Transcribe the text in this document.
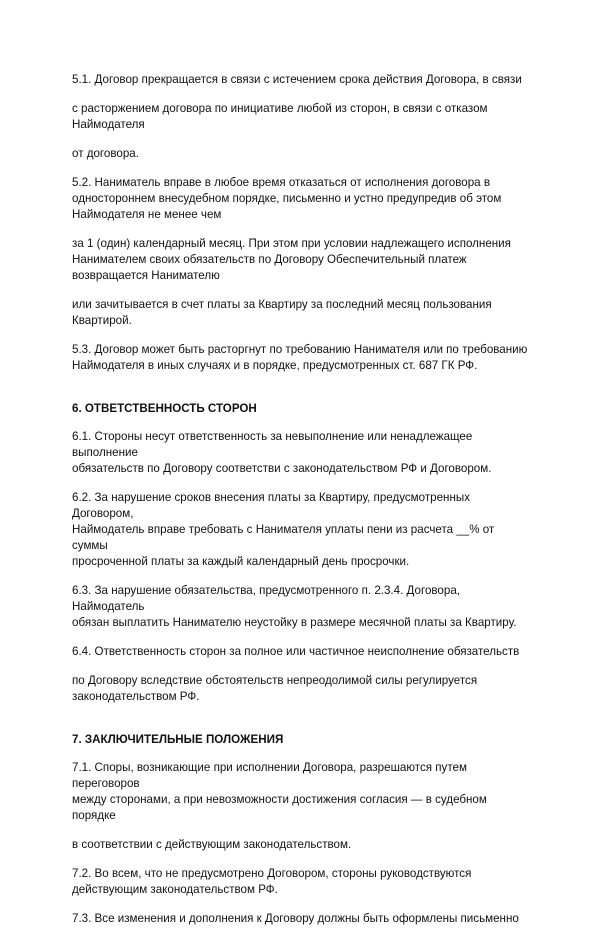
5.1. Договор прекращается в связи с истечением срока действия Договора, в связи

с расторжением договора по инициативе любой из сторон, в связи с отказом
Наймодателя

от договора.

5.2. Наниматель вправе в любое время отказаться от исполнения договора в
одностороннем внесудебном порядке, письменно и устно предупредив об этом
Наймодателя не менее чем

за 1 (один) календарный месяц. При этом при условии надлежащего исполнения
Нанимателем своих обязательств по Договору Обеспечительный платеж
возвращается Нанимателю

или зачитывается в счет платы за Квартиру за последний месяц пользования
Квартирой.

5.3. Договор может быть расторгнут по требованию Нанимателя или по требованию
Наймодателя в иных случаях и в порядке, предусмотренных ст. 687 ГК РФ.

6. ОТВЕТСТВЕННОСТЬ СТОРОН

6.1. Стороны несут ответственность за невыполнение или ненадлежащее выполнение
обязательств по Договору соответстви с законодательством РФ и Договором.

6.2. За нарушение сроков внесения платы за Квартиру, предусмотренных Договором,
Наймодатель вправе требовать с Нанимателя уплаты пени из расчета __% от суммы
просроченной платы за каждый календарный день просрочки.

6.3. За нарушение обязательства, предусмотренного п. 2.3.4. Договора, Наймодатель
обязан выплатить Нанимателю неустойку в размере месячной платы за Квартиру.

6.4. Ответственность сторон за полное или частичное неисполнение обязательств

по Договору вследствие обстоятельств непреодолимой силы регулируется
законодательством РФ.

7. ЗАКЛЮЧИТЕЛЬНЫЕ ПОЛОЖЕНИЯ

7.1. Споры, возникающие при исполнении Договора, разрешаются путем переговоров
между сторонами, а при невозможности достижения согласия — в судебном порядке

в соответствии с действующим законодательством.

7.2. Во всем, что не предусмотрено Договором, стороны руководствуются
действующим законодательством РФ.

7.3. Все изменения и дополнения к Договору должны быть оформлены письменно
